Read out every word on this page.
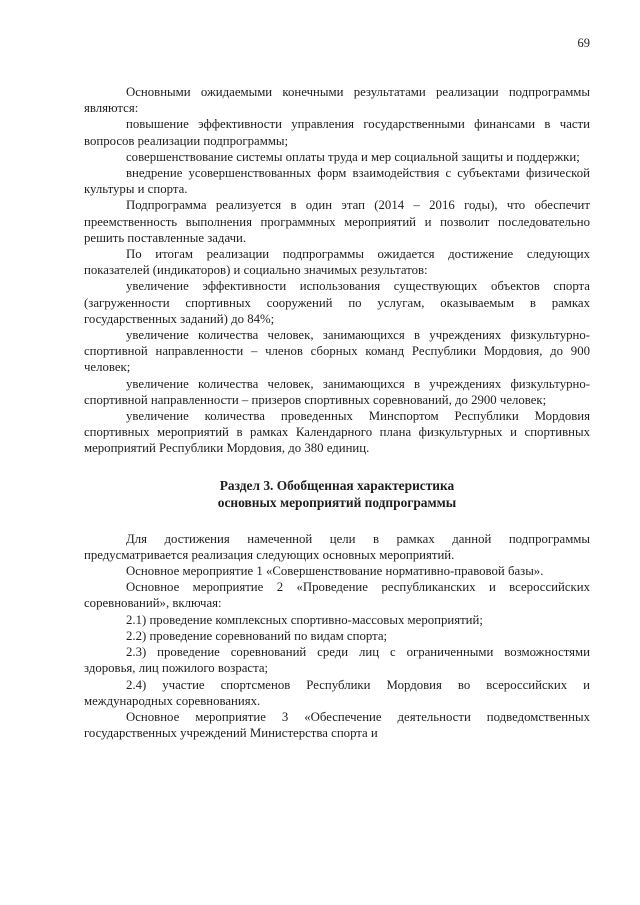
69

Основными ожидаемыми конечными результатами реализации подпрограммы являются:

повышение эффективности управления государственными финансами в части вопросов реализации подпрограммы;

совершенствование системы оплаты труда и мер социальной защиты и поддержки;

внедрение усовершенствованных форм взаимодействия с субъектами физической культуры и спорта.

Подпрограмма реализуется в один этап (2014 – 2016 годы), что обеспечит преемственность выполнения программных мероприятий и позволит последовательно решить поставленные задачи.

По итогам реализации подпрограммы ожидается достижение следующих показателей (индикаторов) и социально значимых результатов:

увеличение эффективности использования существующих объектов спорта (загруженности спортивных сооружений по услугам, оказываемым в рамках государственных заданий) до 84%;

увеличение количества человек, занимающихся в учреждениях физкультурно-спортивной направленности – членов сборных команд Республики Мордовия, до 900 человек;

увеличение количества человек, занимающихся в учреждениях физкультурно-спортивной направленности – призеров спортивных соревнований, до 2900 человек;

увеличение количества проведенных Минспортом Республики Мордовия спортивных мероприятий в рамках Календарного плана физкультурных и спортивных мероприятий Республики Мордовия, до 380 единиц.

Раздел 3. Обобщенная характеристика
основных мероприятий подпрограммы

Для достижения намеченной цели в рамках данной подпрограммы предусматривается реализация следующих основных мероприятий.

Основное мероприятие 1 «Совершенствование нормативно-правовой базы».

Основное мероприятие 2 «Проведение республиканских и всероссийских соревнований», включая:

2.1) проведение комплексных спортивно-массовых мероприятий;

2.2) проведение соревнований по видам спорта;

2.3) проведение соревнований среди лиц с ограниченными возможностями здоровья, лиц пожилого возраста;

2.4) участие спортсменов Республики Мордовия во всероссийских и международных соревнованиях.

Основное мероприятие 3 «Обеспечение деятельности подведомственных государственных учреждений Министерства спорта и
